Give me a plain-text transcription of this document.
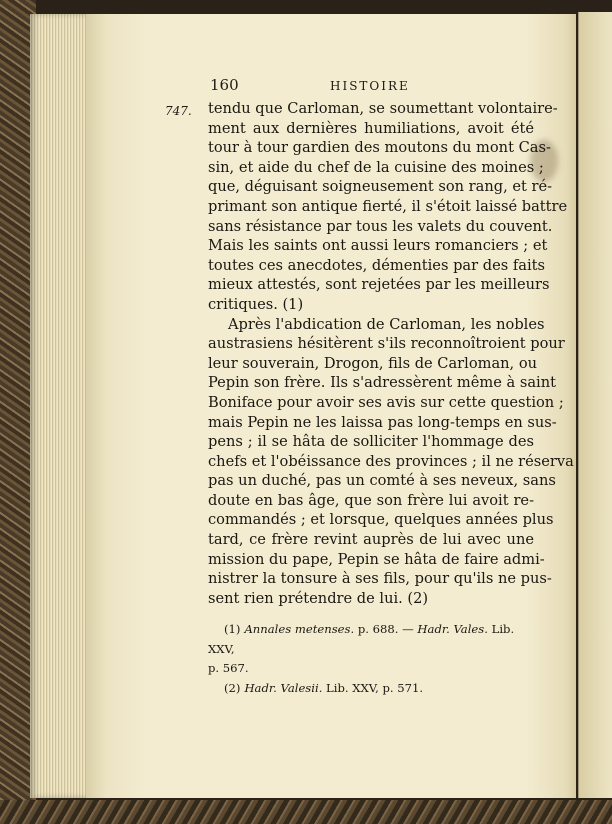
160	HISTOIRE
747. tendu que Carloman, se soumettant volontaire-
ment aux dernières humiliations, avoit été
tour à tour gardien des moutons du mont Cas-
sin, et aide du chef de la cuisine des moines ;
que, déguisant soigneusement son rang, et ré-
primant son antique fierté, il s'étoit laissé battre
sans résistance par tous les valets du couvent.
Mais les saints ont aussi leurs romanciers ; et
toutes ces anecdotes, démenties par des faits
mieux attestés, sont rejetées par les meilleurs
critiques. (1)
Après l'abdication de Carloman, les nobles
austrasiens hésitèrent s'ils reconnoîtroient pour
leur souverain, Drogon, fils de Carloman, ou
Pepin son frère. Ils s'adressèrent même à saint
Boniface pour avoir ses avis sur cette question ;
mais Pepin ne les laissa pas long-temps en sus-
pens ; il se hâta de solliciter l'hommage des
chefs et l'obéissance des provinces ; il ne réserva
pas un duché, pas un comté à ses neveux, sans
doute en bas âge, que son frère lui avoit re-
commandés ; et lorsque, quelques années plus
tard, ce frère revint auprès de lui avec une
mission du pape, Pepin se hâta de faire admi-
nistrer la tonsure à ses fils, pour qu'ils ne pus-
sent rien prétendre de lui. (2)
(1) Annales metenses. p. 688. — Hadr. Vales. Lib. XXV,
p. 567.
(2) Hadr. Valesii. Lib. XXV, p. 571.
